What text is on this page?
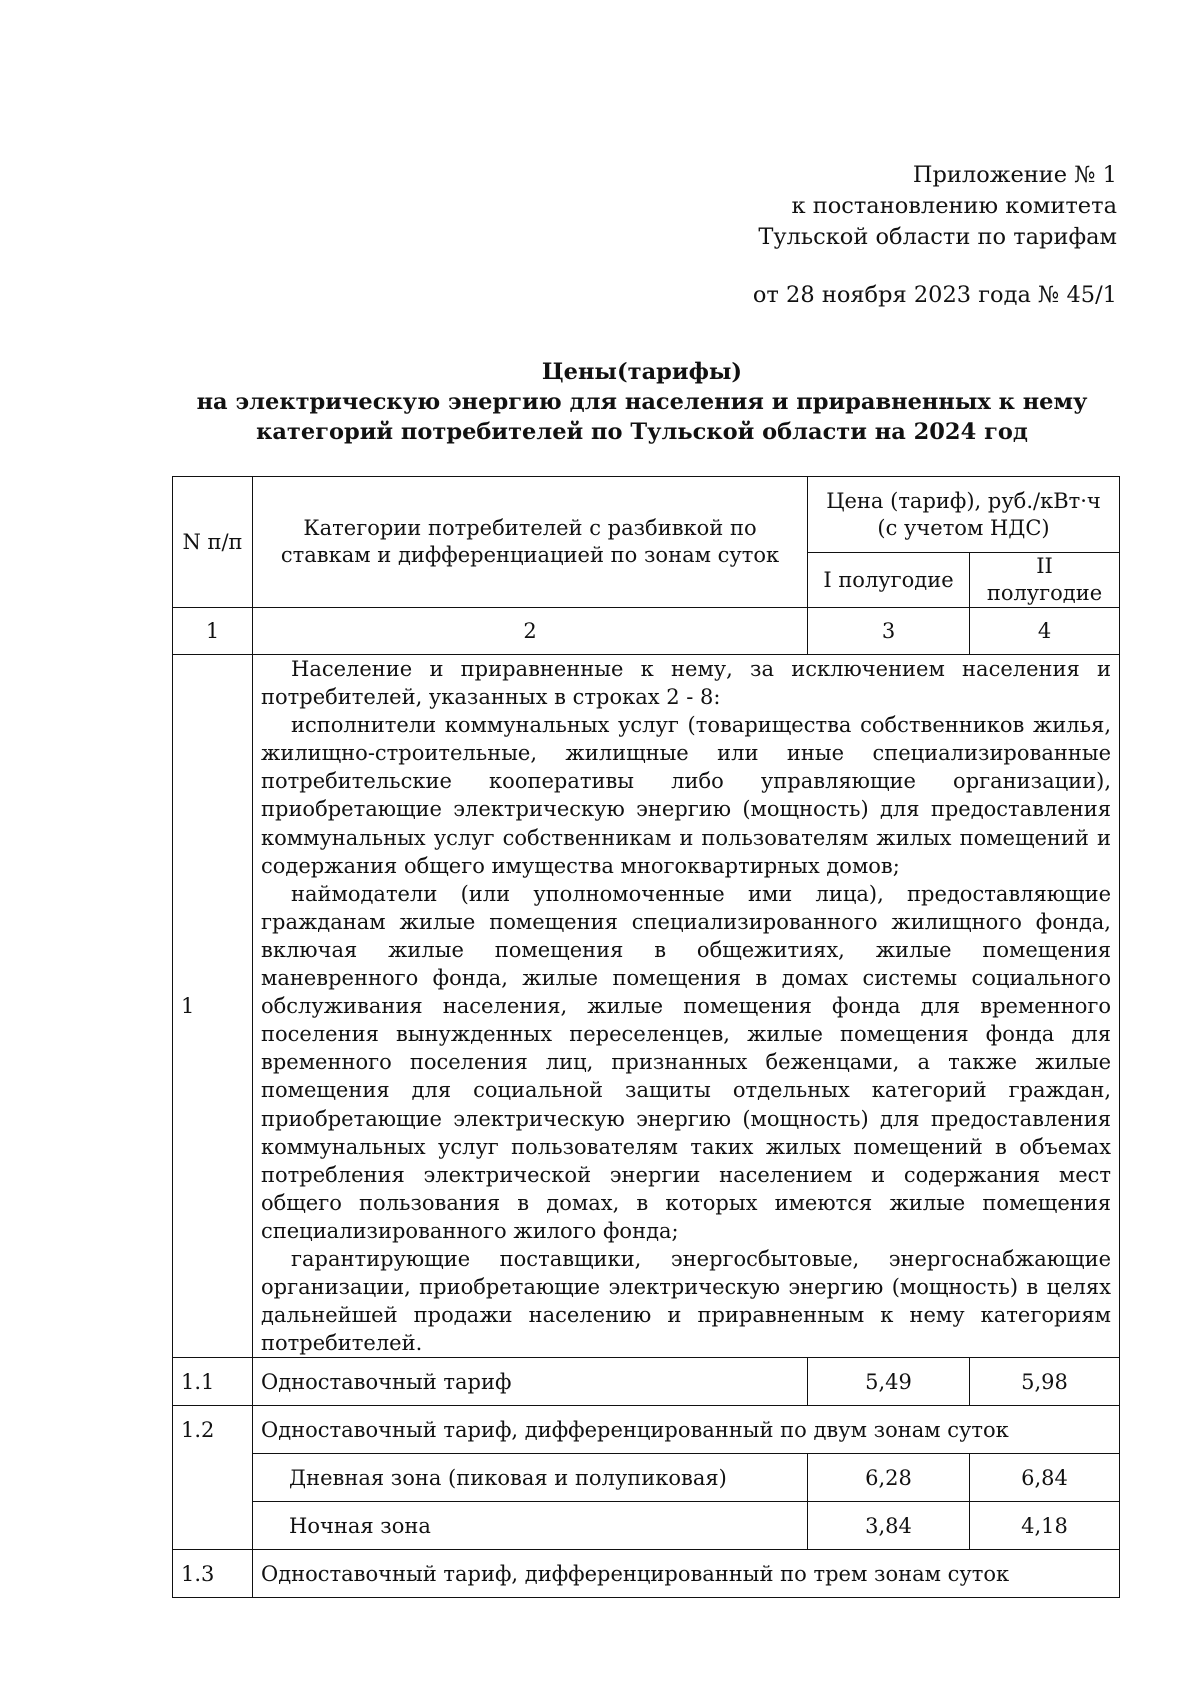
Приложение № 1
к постановлению комитета
Тульской области по тарифам
от 28 ноября 2023 года № 45/1
Цены(тарифы)
на электрическую энергию для населения и приравненных к нему
категорий потребителей по Тульской области на 2024 год
N п/п	Категории потребителей с разбивкой по ставкам и дифференциацией по зонам суток	Цена (тариф), руб./кВт·ч (с учетом НДС)	
		I полугодие	II полугодие
1	2	3	4
1	Население и приравненные к нему, за исключением населения и потребителей, указанных в строках 2 - 8:

исполнители коммунальных услуг (товарищества собственников жилья, жилищно-строительные, жилищные или иные специализированные потребительские кооперативы либо управляющие организации), приобретающие электрическую энергию (мощность) для предоставления коммунальных услуг собственникам и пользователям жилых помещений и содержания общего имущества многоквартирных домов;

наймодатели (или уполномоченные ими лица), предоставляющие гражданам жилые помещения специализированного жилищного фонда, включая жилые помещения в общежитиях, жилые помещения маневренного фонда, жилые помещения в домах системы социального обслуживания населения, жилые помещения фонда для временного поселения вынужденных переселенцев, жилые помещения фонда для временного поселения лиц, признанных беженцами, а также жилые помещения для социальной защиты отдельных категорий граждан, приобретающие электрическую энергию (мощность) для предоставления коммунальных услуг пользователям таких жилых помещений в объемах потребления электрической энергии населением и содержания мест общего пользования в домах, в которых имеются жилые помещения специализированного жилого фонда;

гарантирующие поставщики, энергосбытовые, энергоснабжающие организации, приобретающие электрическую энергию (мощность) в целях дальнейшей продажи населению и приравненным к нему категориям потребителей.		

1.1	Одноставочный тариф	5,49	5,98
1.2	Одноставочный тариф, дифференцированный по двум зонам суток		
	Дневная зона (пиковая и полупиковая)	6,28	6,84
	Ночная зона	3,84	4,18
1.3	Одноставочный тариф, дифференцированный по трем зонам суток		
